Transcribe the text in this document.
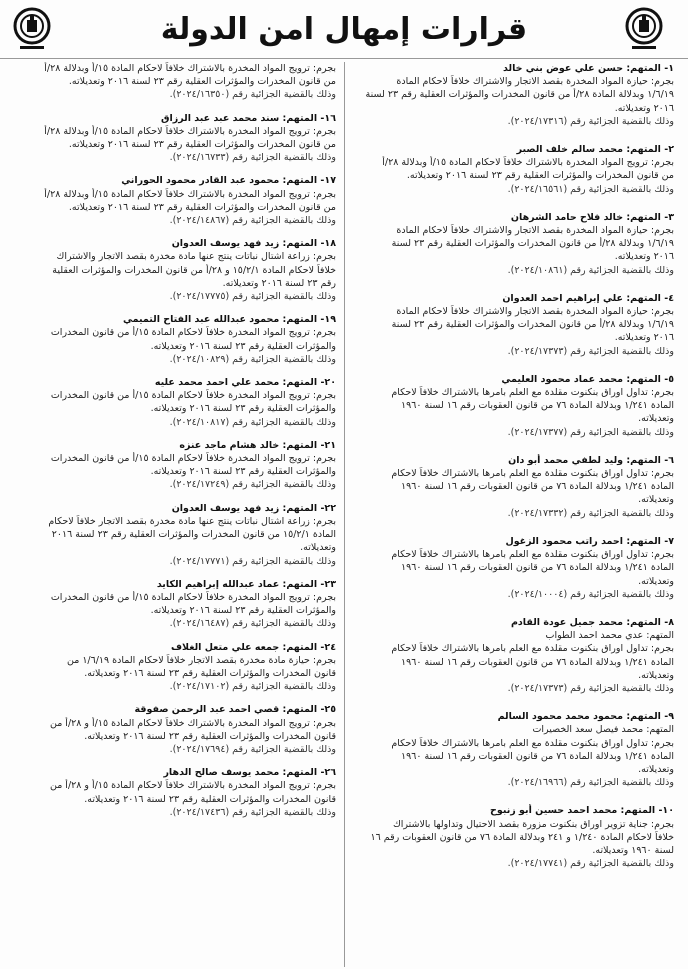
قرارات إمهال امن الدولة
١- المتهم: حسن علي عوض بني خالد
بجرم: حيازة المواد المخدرة بقصد الاتجار والاشتراك خلافاً لاحكام المادة
١/٦/١٩ وبدلالة المادة ٢٨/أ من قانون المخدرات والمؤثرات العقلية رقم ٢٣ لسنة
٢٠١٦ وتعديلاته.
وذلك بالقضية الجزائية رقم (٢٠٢٤/١٧٣١٦).
٢- المتهم: محمد سالم خلف الصبر
بجرم: ترويج المواد المخدرة بالاشتراك خلافاً لاحكام المادة ١٥/أ وبدلالة ٢٨/أ
من قانون المخدرات والمؤثرات العقلية رقم ٢٣ لسنة ٢٠١٦ وتعديلاته.
وذلك بالقضية الجزائية رقم (٢٠٢٤/١٦٥٦١).
٣- المتهم: خالد فلاح حامد الشرهان
بجرم: حيازة المواد المخدرة بقصد الاتجار والاشتراك خلافاً لاحكام المادة
١/٦/١٩ وبدلالة ٢٨/أ من قانون المخدرات والمؤثرات العقلية رقم ٢٣ لسنة
٢٠١٦ وتعديلاته.
وذلك بالقضية الجزائية رقم (٢٠٢٤/١٠٨٦١).
٤- المتهم: علي إبراهيم احمد العدوان
بجرم: حيازة المواد المخدرة بقصد الاتجار والاشتراك خلافاً لاحكام المادة
١/٦/١٩ وبدلالة ٢٨/أ من قانون المخدرات والمؤثرات العقلية رقم ٢٣ لسنة
٢٠١٦ وتعديلاته.
وذلك بالقضية الجزائية رقم (٢٠٢٤/١٧٣٧٣).
٥- المتهم: محمد عماد محمود العليمي
بجرم: تداول اوراق بنكنوت مقلدة مع العلم بامرها بالاشتراك خلافاً لاحكام
المادة ١/٢٤١ وبدلالة المادة ٧٦ من قانون العقوبات رقم ١٦ لسنة ١٩٦٠
وتعديلاته.
وذلك بالقضية الجزائية رقم (٢٠٢٤/١٧٣٧٧).
٦- المتهم: وليد لطفي محمد أبو دان
بجرم: تداول اوراق بنكنوت مقلدة مع العلم بامرها بالاشتراك خلافاً لاحكام
المادة ١/٢٤١ وبدلالة المادة ٧٦ من قانون العقوبات رقم ١٦ لسنة ١٩٦٠
وتعديلاته.
وذلك بالقضية الجزائية رقم (٢٠٢٤/١٧٣٣٢).
٧- المتهم: احمد راتب محمود الزغول
بجرم: تداول اوراق بنكنوت مقلدة مع العلم بامرها بالاشتراك خلافاً لاحكام
المادة ١/٢٤١ وبدلالة المادة ٧٦ من قانون العقوبات رقم ١٦ لسنة ١٩٦٠
وتعديلاته.
وذلك بالقضية الجزائية رقم (٢٠٢٤/١٠٠٠٤).
٨- المتهم: محمد جميل عودة القادم
المتهم: عدي محمد احمد الطواب
بجرم: تداول اوراق بنكنوت مقلدة مع العلم بامرها بالاشتراك خلافاً لاحكام
المادة ١/٢٤١ وبدلالة المادة ٧٦ من قانون العقوبات رقم ١٦ لسنة ١٩٦٠
وتعديلاته.
وذلك بالقضية الجزائية رقم (٢٠٢٤/١٧٣٧٣).
٩- المتهم: محمود محمد محمود السالم
المتهم: محمد فيصل سعد الخصيرات
بجرم: تداول اوراق بنكنوت مقلدة مع العلم بامرها بالاشتراك خلافاً لاحكام
المادة ١/٢٤١ وبدلالة المادة ٧٦ من قانون العقوبات رقم ١٦ لسنة ١٩٦٠
وتعديلاته.
وذلك بالقضية الجزائية رقم (٢٠٢٤/١٦٩٦٦).
١٠- المتهم: محمد احمد حسين أبو زنبوح
بجرم: جناية تزوير اوراق بنكنوت مزورة بقصد الاحتيال وتداولها بالاشتراك
خلافاً لاحكام المادة ١/٢٤٠ و ٢٤١ وبدلالة المادة ٧٦ من قانون العقوبات رقم ١٦
لسنة ١٩٦٠ وتعديلاته.
وذلك بالقضية الجزائية رقم (٢٠٢٤/١٧٧٤١).
بجرم: ترويج المواد المخدرة بالاشتراك خلافاً لاحكام المادة ١٥/أ وبدلالة ٢٨/أ
من قانون المخدرات والمؤثرات العقلية رقم ٢٣ لسنة ٢٠١٦ وتعديلاته.
وذلك بالقضية الجزائية رقم (٢٠٢٤/١٦٣٥٠).
١٦- المتهم: سند محمد عبد عبد الرزاق
بجرم: ترويج المواد المخدرة بالاشتراك خلافاً لاحكام المادة ١٥/أ وبدلالة ٢٨/أ
من قانون المخدرات والمؤثرات العقلية رقم ٢٣ لسنة ٢٠١٦ وتعديلاته.
وذلك بالقضية الجزائية رقم (٢٠٢٤/١٦٧٣٣).
١٧- المتهم: محمود عبد القادر محمود الحوراني
بجرم: ترويج المواد المخدرة بالاشتراك خلافاً لاحكام المادة ١٥/أ وبدلالة ٢٨/أ
من قانون المخدرات والمؤثرات العقلية رقم ٢٣ لسنة ٢٠١٦ وتعديلاته.
وذلك بالقضية الجزائية رقم (٢٠٢٤/١٤٨٦٧).
١٨- المتهم: زيد فهد يوسف العدوان
بجرم: زراعة اشتال نباتات ينتج عنها مادة مخدرة بقصد الاتجار والاشتراك
خلافاً لاحكام المادة ١٥/٢/١ و ٢٨/أ من قانون المخدرات والمؤثرات العقلية
رقم ٢٣ لسنة ٢٠١٦ وتعديلاته.
وذلك بالقضية الجزائية رقم (٢٠٢٤/١٧٧٧٥).
١٩- المتهم: محمود عبدالله عبد الفتاح التميمي
بجرم: ترويج المواد المخدرة خلافاً لاحكام المادة ١٥/أ من قانون المخدرات
والمؤثرات العقلية رقم ٢٣ لسنة ٢٠١٦ وتعديلاته.
وذلك بالقضية الجزائية رقم (٢٠٢٤/١٠٨٢٩).
٢٠- المتهم: محمد علي احمد محمد عليه
بجرم: ترويج المواد المخدرة خلافاً لاحكام المادة ١٥/أ من قانون المخدرات
والمؤثرات العقلية رقم ٢٣ لسنة ٢٠١٦ وتعديلاته.
وذلك بالقضية الجزائية رقم (٢٠٢٤/١٠٨١٧).
٢١- المتهم: خالد هشام ماجد عنزه
بجرم: ترويج المواد المخدرة خلافاً لاحكام المادة ١٥/أ من قانون المخدرات
والمؤثرات العقلية رقم ٢٣ لسنة ٢٠١٦ وتعديلاته.
وذلك بالقضية الجزائية رقم (٢٠٢٤/١٧٢٤٩).
٢٢- المتهم: زيد فهد يوسف العدوان
بجرم: زراعة اشتال نباتات ينتج عنها مادة مخدرة بقصد الاتجار خلافاً لاحكام
المادة ١٥/٢/١ من قانون المخدرات والمؤثرات العقلية رقم ٢٣ لسنة ٢٠١٦
وتعديلاته.
وذلك بالقضية الجزائية رقم (٢٠٢٤/١٧٧٧١).
٢٣- المتهم: عماد عبدالله إبراهيم الكايد
بجرم: ترويج المواد المخدرة خلافاً لاحكام المادة ١٥/أ من قانون المخدرات
والمؤثرات العقلية رقم ٢٣ لسنة ٢٠١٦ وتعديلاته.
وذلك بالقضية الجزائية رقم (٢٠٢٤/١٦٤٨٧).
٢٤- المتهم: جمعه علي متعل الغلاف
بجرم: حيازة مادة مخدرة بقصد الاتجار خلافاً لاحكام المادة ١/٦/١٩ من
قانون المخدرات والمؤثرات العقلية رقم ٢٣ لسنة ٢٠١٦ وتعديلاته.
وذلك بالقضية الجزائية رقم (٢٠٢٤/١٧١٠٢).
٢٥- المتهم: قصي احمد عبد الرحمن صفوقة
بجرم: ترويج المواد المخدرة بالاشتراك خلافاً لاحكام المادة ١٥/أ و ٢٨/أ من
قانون المخدرات والمؤثرات العقلية رقم ٢٣ لسنة ٢٠١٦ وتعديلاته.
وذلك بالقضية الجزائية رقم (٢٠٢٤/١٧٦٩٤).
٢٦- المتهم: محمد يوسف صالح الدهار
بجرم: ترويج المواد المخدرة بالاشتراك خلافاً لاحكام المادة ١٥/أ و ٢٨/أ من
قانون المخدرات والمؤثرات العقلية رقم ٢٣ لسنة ٢٠١٦ وتعديلاته.
وذلك بالقضية الجزائية رقم (٢٠٢٤/١٧٤٣٦).
